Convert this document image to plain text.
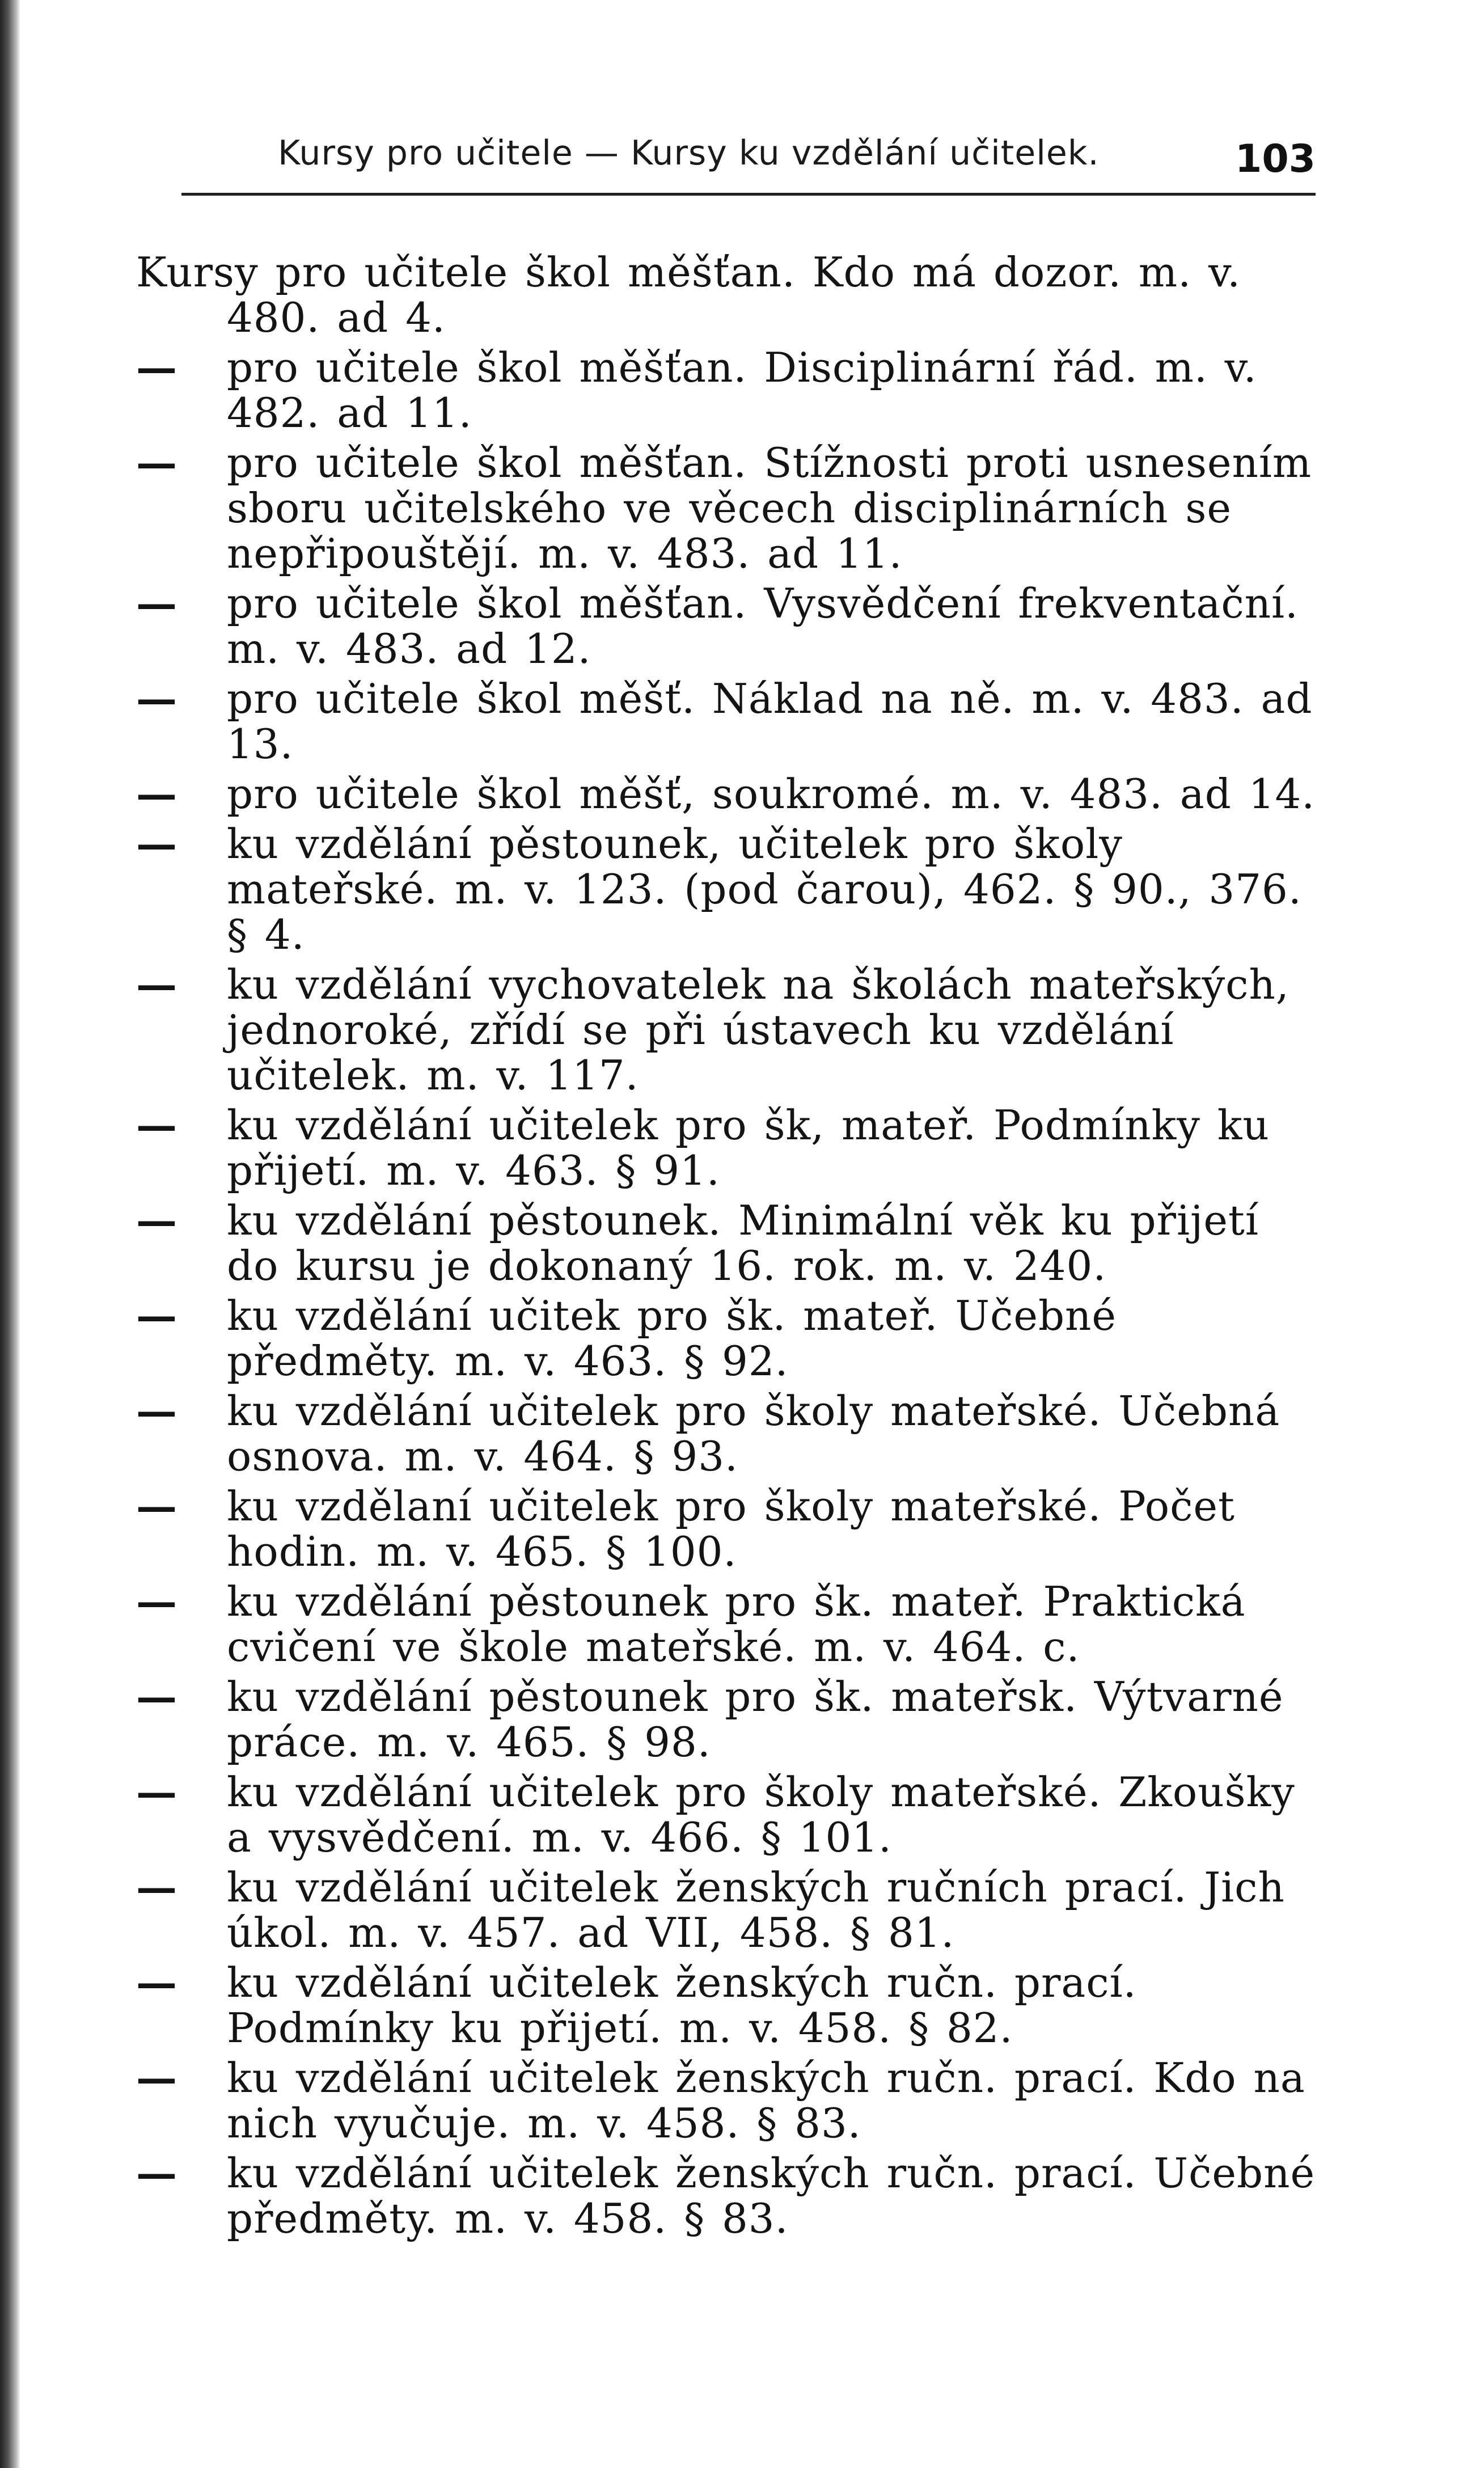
Kursy pro učitele — Kursy ku vzdělání učitelek.	103
Kursy pro učitele škol měšťan. Kdo má dozor. m. v. 480. ad 4.
— pro učitele škol měšťan. Disciplinární řád. m. v. 482. ad 11.
— pro učitele škol měšťan. Stížnosti proti usnesením sboru učitelského ve věcech disciplinárních se nepřipouštějí. m. v. 483. ad 11.
— pro učitele škol měšťan. Vysvědčení frekventační. m. v. 483. ad 12.
— pro učitele škol měšť. Náklad na ně. m. v. 483. ad 13.
— pro učitele škol měšť, soukromé. m. v. 483. ad 14.
— ku vzdělání pěstounek, učitelek pro školy mateřské. m. v. 123. (pod čarou), 462. § 90., 376. § 4.
— ku vzdělání vychovatelek na školách mateřských, jednoroké, zřídí se při ústavech ku vzdělání učitelek. m. v. 117.
— ku vzdělání učitelek pro šk, mateř. Podmínky ku přijetí. m. v. 463. § 91.
— ku vzdělání pěstounek. Minimální věk ku přijetí do kursu je dokonaný 16. rok. m. v. 240.
— ku vzdělání učitek pro šk. mateř. Učebné předměty. m. v. 463. § 92.
— ku vzdělání učitelek pro školy mateřské. Učebná osnova. m. v. 464. § 93.
— ku vzdělaní učitelek pro školy mateřské. Počet hodin. m. v. 465. § 100.
— ku vzdělání pěstounek pro šk. mateř. Praktická cvičení ve škole mateřské. m. v. 464. c.
— ku vzdělání pěstounek pro šk. mateřsk. Výtvarné práce. m. v. 465. § 98.
— ku vzdělání učitelek pro školy mateřské. Zkoušky a vysvědčení. m. v. 466. § 101.
— ku vzdělání učitelek ženských ručních prací. Jich úkol. m. v. 457. ad VII, 458. § 81.
— ku vzdělání učitelek ženských ručn. prací. Podmínky ku přijetí. m. v. 458. § 82.
— ku vzdělání učitelek ženských ručn. prací. Kdo na nich vyučuje. m. v. 458. § 83.
— ku vzdělání učitelek ženských ručn. prací. Učebné předměty. m. v. 458. § 83.
